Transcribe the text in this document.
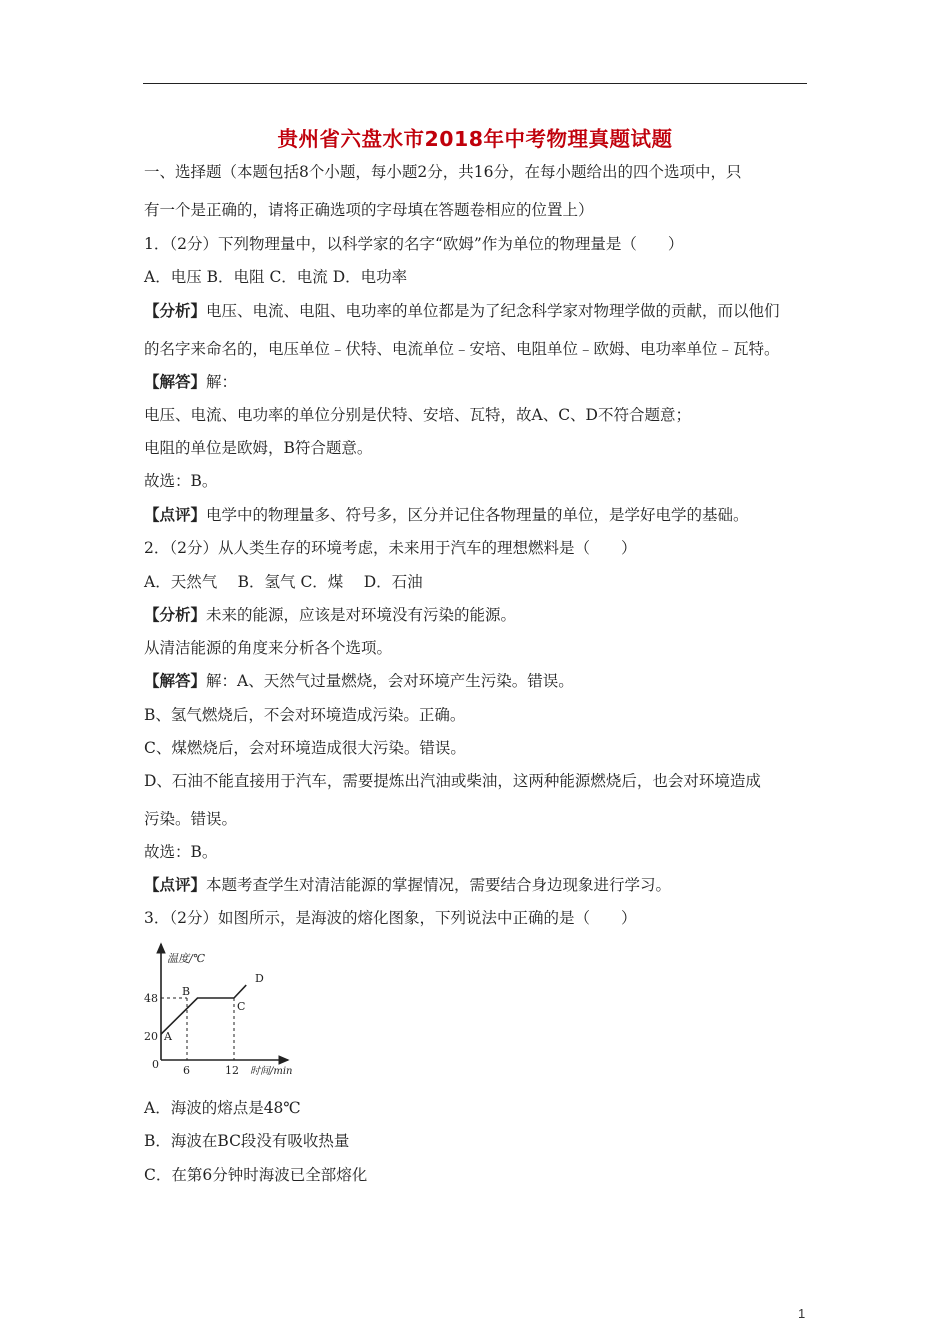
贵州省六盘水市2018年中考物理真题试题
一、选择题（本题包括8个小题，每小题2分，共16分，在每小题给出的四个选项中，只
有一个是正确的，请将正确选项的字母填在答题卷相应的位置上）
1．（2分）下列物理量中，以科学家的名字“欧姆”作为单位的物理量是（　　）
A．电压 B．电阻 C．电流 D．电功率
【分析】电压、电流、电阻、电功率的单位都是为了纪念科学家对物理学做的贡献，而以他们
的名字来命名的，电压单位﹣伏特、电流单位﹣安培、电阻单位﹣欧姆、电功率单位﹣瓦特。
【解答】解：
电压、电流、电功率的单位分别是伏特、安培、瓦特，故A、C、D不符合题意；
电阻的单位是欧姆，B符合题意。
故选：B。
【点评】电学中的物理量多、符号多，区分并记住各物理量的单位，是学好电学的基础。
2．（2分）从人类生存的环境考虑，未来用于汽车的理想燃料是（　　）
A．天然气　 B．氢气 C．煤　 D．石油
【分析】未来的能源，应该是对环境没有污染的能源。
从清洁能源的角度来分析各个选项。
【解答】解：A、天然气过量燃烧，会对环境产生污染。错误。
B、氢气燃烧后，不会对环境造成污染。正确。
C、煤燃烧后，会对环境造成很大污染。错误。
D、石油不能直接用于汽车，需要提炼出汽油或柴油，这两种能源燃烧后，也会对环境造成
污染。错误。
故选：B。
【点评】本题考查学生对清洁能源的掌握情况，需要结合身边现象进行学习。
3．（2分）如图所示，是海波的熔化图象，下列说法中正确的是（　　）
温度/℃
时间/min
0
48
20
6	12
A
B
C
D
A．海波的熔点是48℃
B．海波在BC段没有吸收热量
C．在第6分钟时海波已全部熔化
1
